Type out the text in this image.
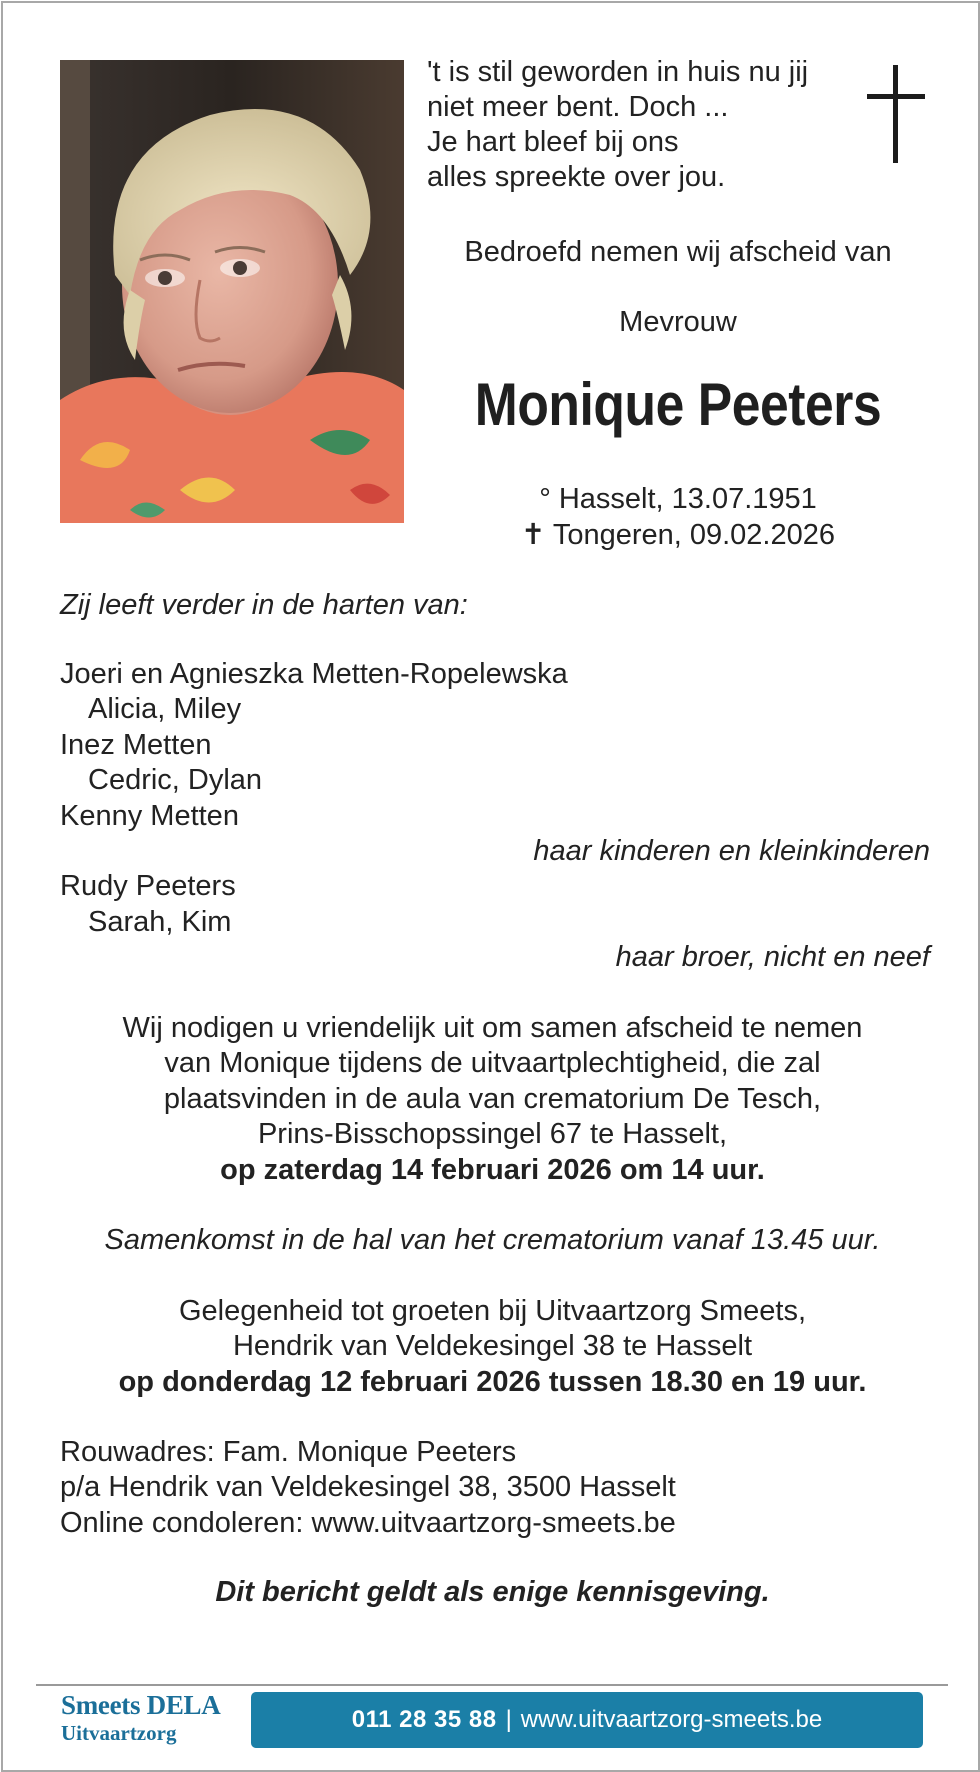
't is stil geworden in huis nu jij
niet meer bent. Doch ...
Je hart bleef bij ons
alles spreekte over jou.
Bedroefd nemen wij afscheid van
Mevrouw
Monique Peeters
° Hasselt, 13.07.1951
✝ Tongeren, 09.02.2026
Zij leeft verder in de harten van:
Joeri en Agnieszka Metten-Ropelewska
Alicia, Miley
Inez Metten
Cedric, Dylan
Kenny Metten
haar kinderen en kleinkinderen
Rudy Peeters
Sarah, Kim
haar broer, nicht en neef
Wij nodigen u vriendelijk uit om samen afscheid te nemen
van Monique tijdens de uitvaartplechtigheid, die zal
plaatsvinden in de aula van crematorium De Tesch,
Prins-Bisschopssingel 67 te Hasselt,
op zaterdag 14 februari 2026 om 14 uur.
Samenkomst in de hal van het crematorium vanaf 13.45 uur.
Gelegenheid tot groeten bij Uitvaartzorg Smeets,
Hendrik van Veldekesingel 38 te Hasselt
op donderdag 12 februari 2026 tussen 18.30 en 19 uur.
Rouwadres: Fam. Monique Peeters
p/a Hendrik van Veldekesingel 38, 3500 Hasselt
Online condoleren: www.uitvaartzorg-smeets.be
Dit bericht geldt als enige kennisgeving.
Smeets DELA
Uitvaartzorg	011 28 35 88 | www.uitvaartzorg-smeets.be
